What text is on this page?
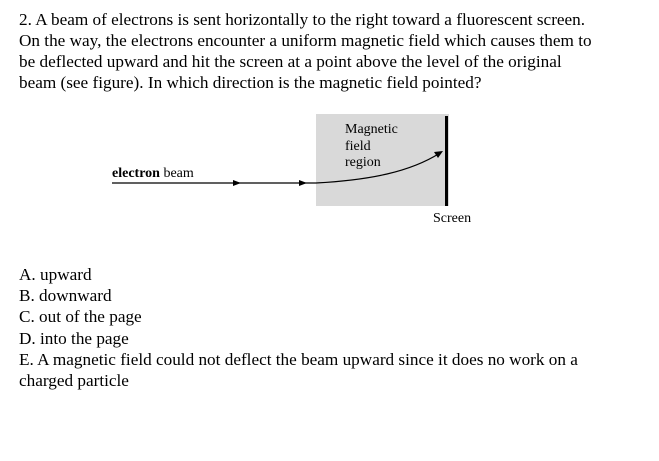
2. A beam of electrons is sent horizontally to the right toward a fluorescent screen.
On the way, the electrons encounter a uniform magnetic field which causes them to
be deflected upward and hit the screen at a point above the level of the original
beam (see figure). In which direction is the magnetic field pointed?
Magnetic
field
region
electron beam
Screen
A. upward
B. downward
C. out of the page
D. into the page
E. A magnetic field could not deflect the beam upward since it does no work on a
charged particle
